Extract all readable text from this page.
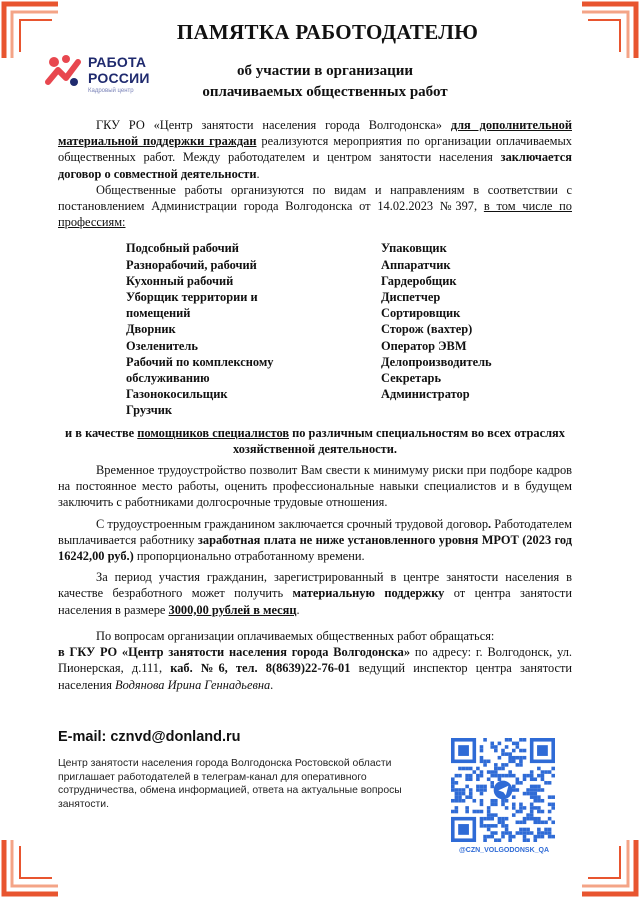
РАБОТА
РОССИИ
Кадровый центр
ПАМЯТКА РАБОТОДАТЕЛЮ
об участии в организации
оплачиваемых общественных работ

ГКУ РО «Центр занятости населения города Волгодонска» для дополнительной материальной поддержки граждан реализуются мероприятия по организации оплачиваемых общественных работ. Между работодателем и центром занятости населения заключается договор о совместной деятельности.

Общественные работы организуются по видам и направлениям в соответствии с постановлением Администрации города Волгодонска от 14.02.2023 №397, в том числе по профессиям:

Подсобный рабочий
Разнорабочий, рабочий
Кухонный рабочий
Уборщик территории и
помещений
Дворник
Озеленитель
Рабочий по комплексному
обслуживанию
Газонокосильщик
Грузчик
Упаковщик
Аппаратчик
Гардеробщик
Диспетчер
Сортировщик
Сторож (вахтер)
Оператор ЭВМ
Делопроизводитель
Секретарь
Администратор
и в качестве помощников специалистов по различным специальностям во всех отраслях хозяйственной деятельности.

Временное трудоустройство позволит Вам свести к минимуму риски при подборе кадров на постоянное место работы, оценить профессиональные навыки специалистов и в будущем заключить с работниками долгосрочные трудовые отношения.

С трудоустроенным гражданином заключается срочный трудовой договор. Работодателем выплачивается работнику заработная плата не ниже установленного уровня МРОТ (2023 год 16242,00 руб.) пропорционально отработанному времени.

За период участия гражданин, зарегистрированный в центре занятости населения в качестве безработного может получить материальную поддержку от центра занятости населения в размере 3000,00 рублей в месяц.

По вопросам организации оплачиваемых общественных работ обращаться:

в ГКУ РО «Центр занятости населения города Волгодонска» по адресу: г. Волгодонск, ул. Пионерская, д.111, каб. №6, тел. 8(8639)22-76-01 ведущий инспектор центра занятости населения Водянова Ирина Геннадьевна.

E-mail: cznvd@donland.ru
Центр занятости населения города Волгодонска Ростовской области приглашает работодателей в телеграм-канал для оперативного сотрудничества, обмена информацией, ответа на актуальные вопросы занятости.
@CZN_VOLGODONSK_QA
